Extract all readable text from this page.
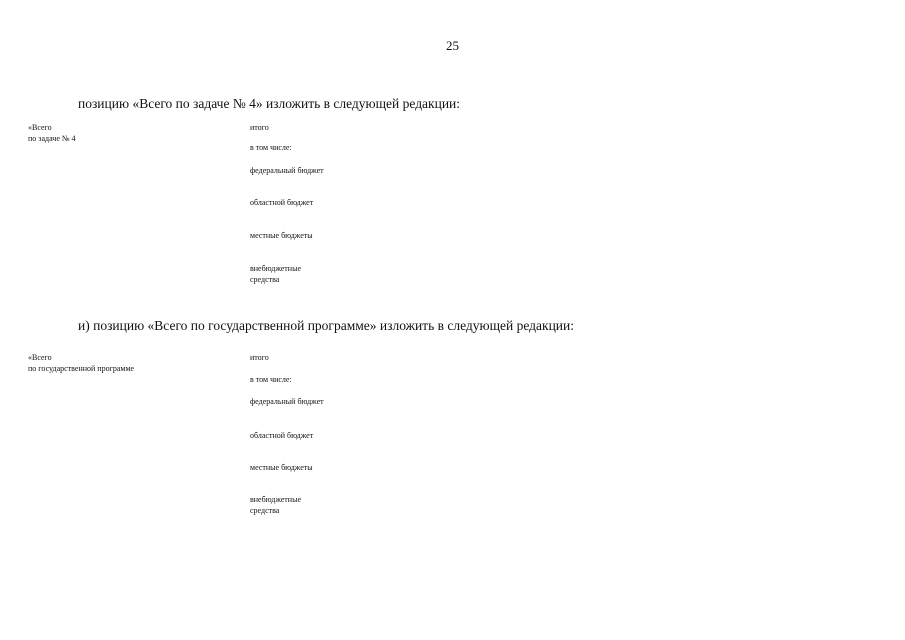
25
позицию «Всего по задаче № 4» изложить в следующей редакции:
«Всего
по задаче № 4
итого
в том числе:
федеральный бюджет
областной бюджет
местные бюджеты
внебюджетные средства
и) позицию «Всего по государственной программе» изложить в следующей редакции:
«Всего
по государственной программе
итого
в том числе:
федеральный бюджет
областной бюджет
местные бюджеты
внебюджетные средства
